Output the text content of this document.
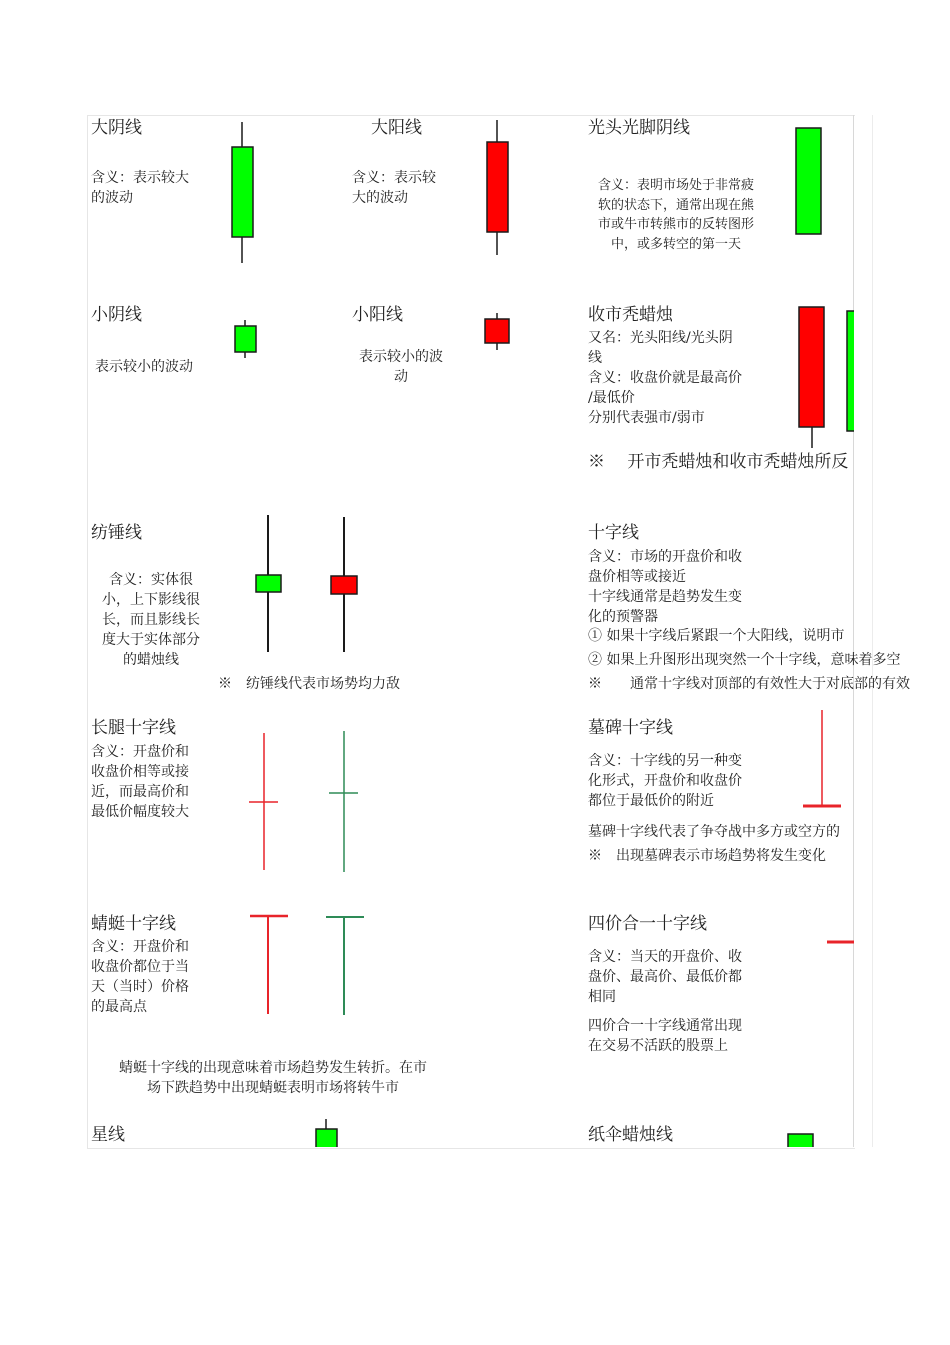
大阴线
含义：表示较大
的波动
大阳线
含义：表示较
大的波动
光头光脚阴线
含义：表明市场处于非常疲
软的状态下，通常出现在熊
市或牛市转熊市的反转图形
中，或多转空的第一天
小阴线
表示较小的波动
小阳线
表示较小的波
动
收市秃蜡烛
又名：光头阳线/光头阴
线
含义：收盘价就是最高价
/最低价
分别代表强市/弱市
※　 开市秃蜡烛和收市秃蜡烛所反
纺锤线
含义：实体很
小，上下影线很
长，而且影线长
度大于实体部分
的蜡烛线
※　纺锤线代表市场势均力敌
十字线
含义：市场的开盘价和收
盘价相等或接近
十字线通常是趋势发生变
化的预警器
① 如果十字线后紧跟一个大阳线，说明市
② 如果上升图形出现突然一个十字线，意味着多空
※　　通常十字线对顶部的有效性大于对底部的有效
长腿十字线
含义：开盘价和
收盘价相等或接
近，而最高价和
最低价幅度较大
墓碑十字线
含义：十字线的另一种变
化形式，开盘价和收盘价
都位于最低价的附近
墓碑十字线代表了争夺战中多方或空方的
※　出现墓碑表示市场趋势将发生变化
蜻蜓十字线
含义：开盘价和
收盘价都位于当
天（当时）价格
的最高点
蜻蜓十字线的出现意味着市场趋势发生转折。在市
场下跌趋势中出现蜻蜓表明市场将转牛市
四价合一十字线
含义：当天的开盘价、收
盘价、最高价、最低价都
相同
四价合一十字线通常出现
在交易不活跃的股票上
星线	纸伞蜡烛线
